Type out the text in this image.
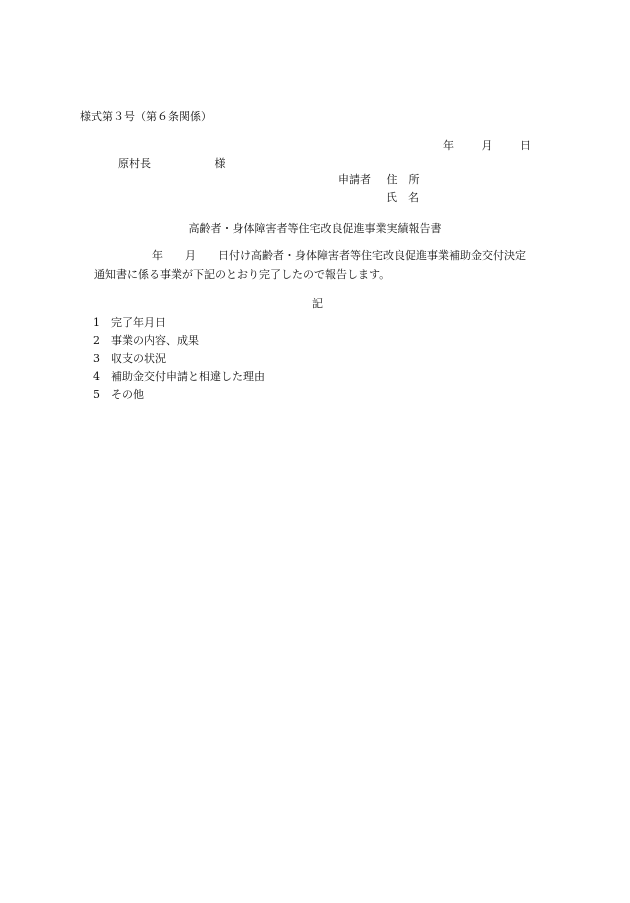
様式第３号（第６条関係）
年	月	日
原村長	様
申請者 住　所
氏　名
高齢者・身体障害者等住宅改良促進事業実績報告書
年　　月　　日付け高齢者・身体障害者等住宅改良促進事業補助金交付決定
通知書に係る事業が下記のとおり完了したので報告します。
記
1 完了年月日
2 事業の内容、成果
3 収支の状況
4 補助金交付申請と相違した理由
5 その他
